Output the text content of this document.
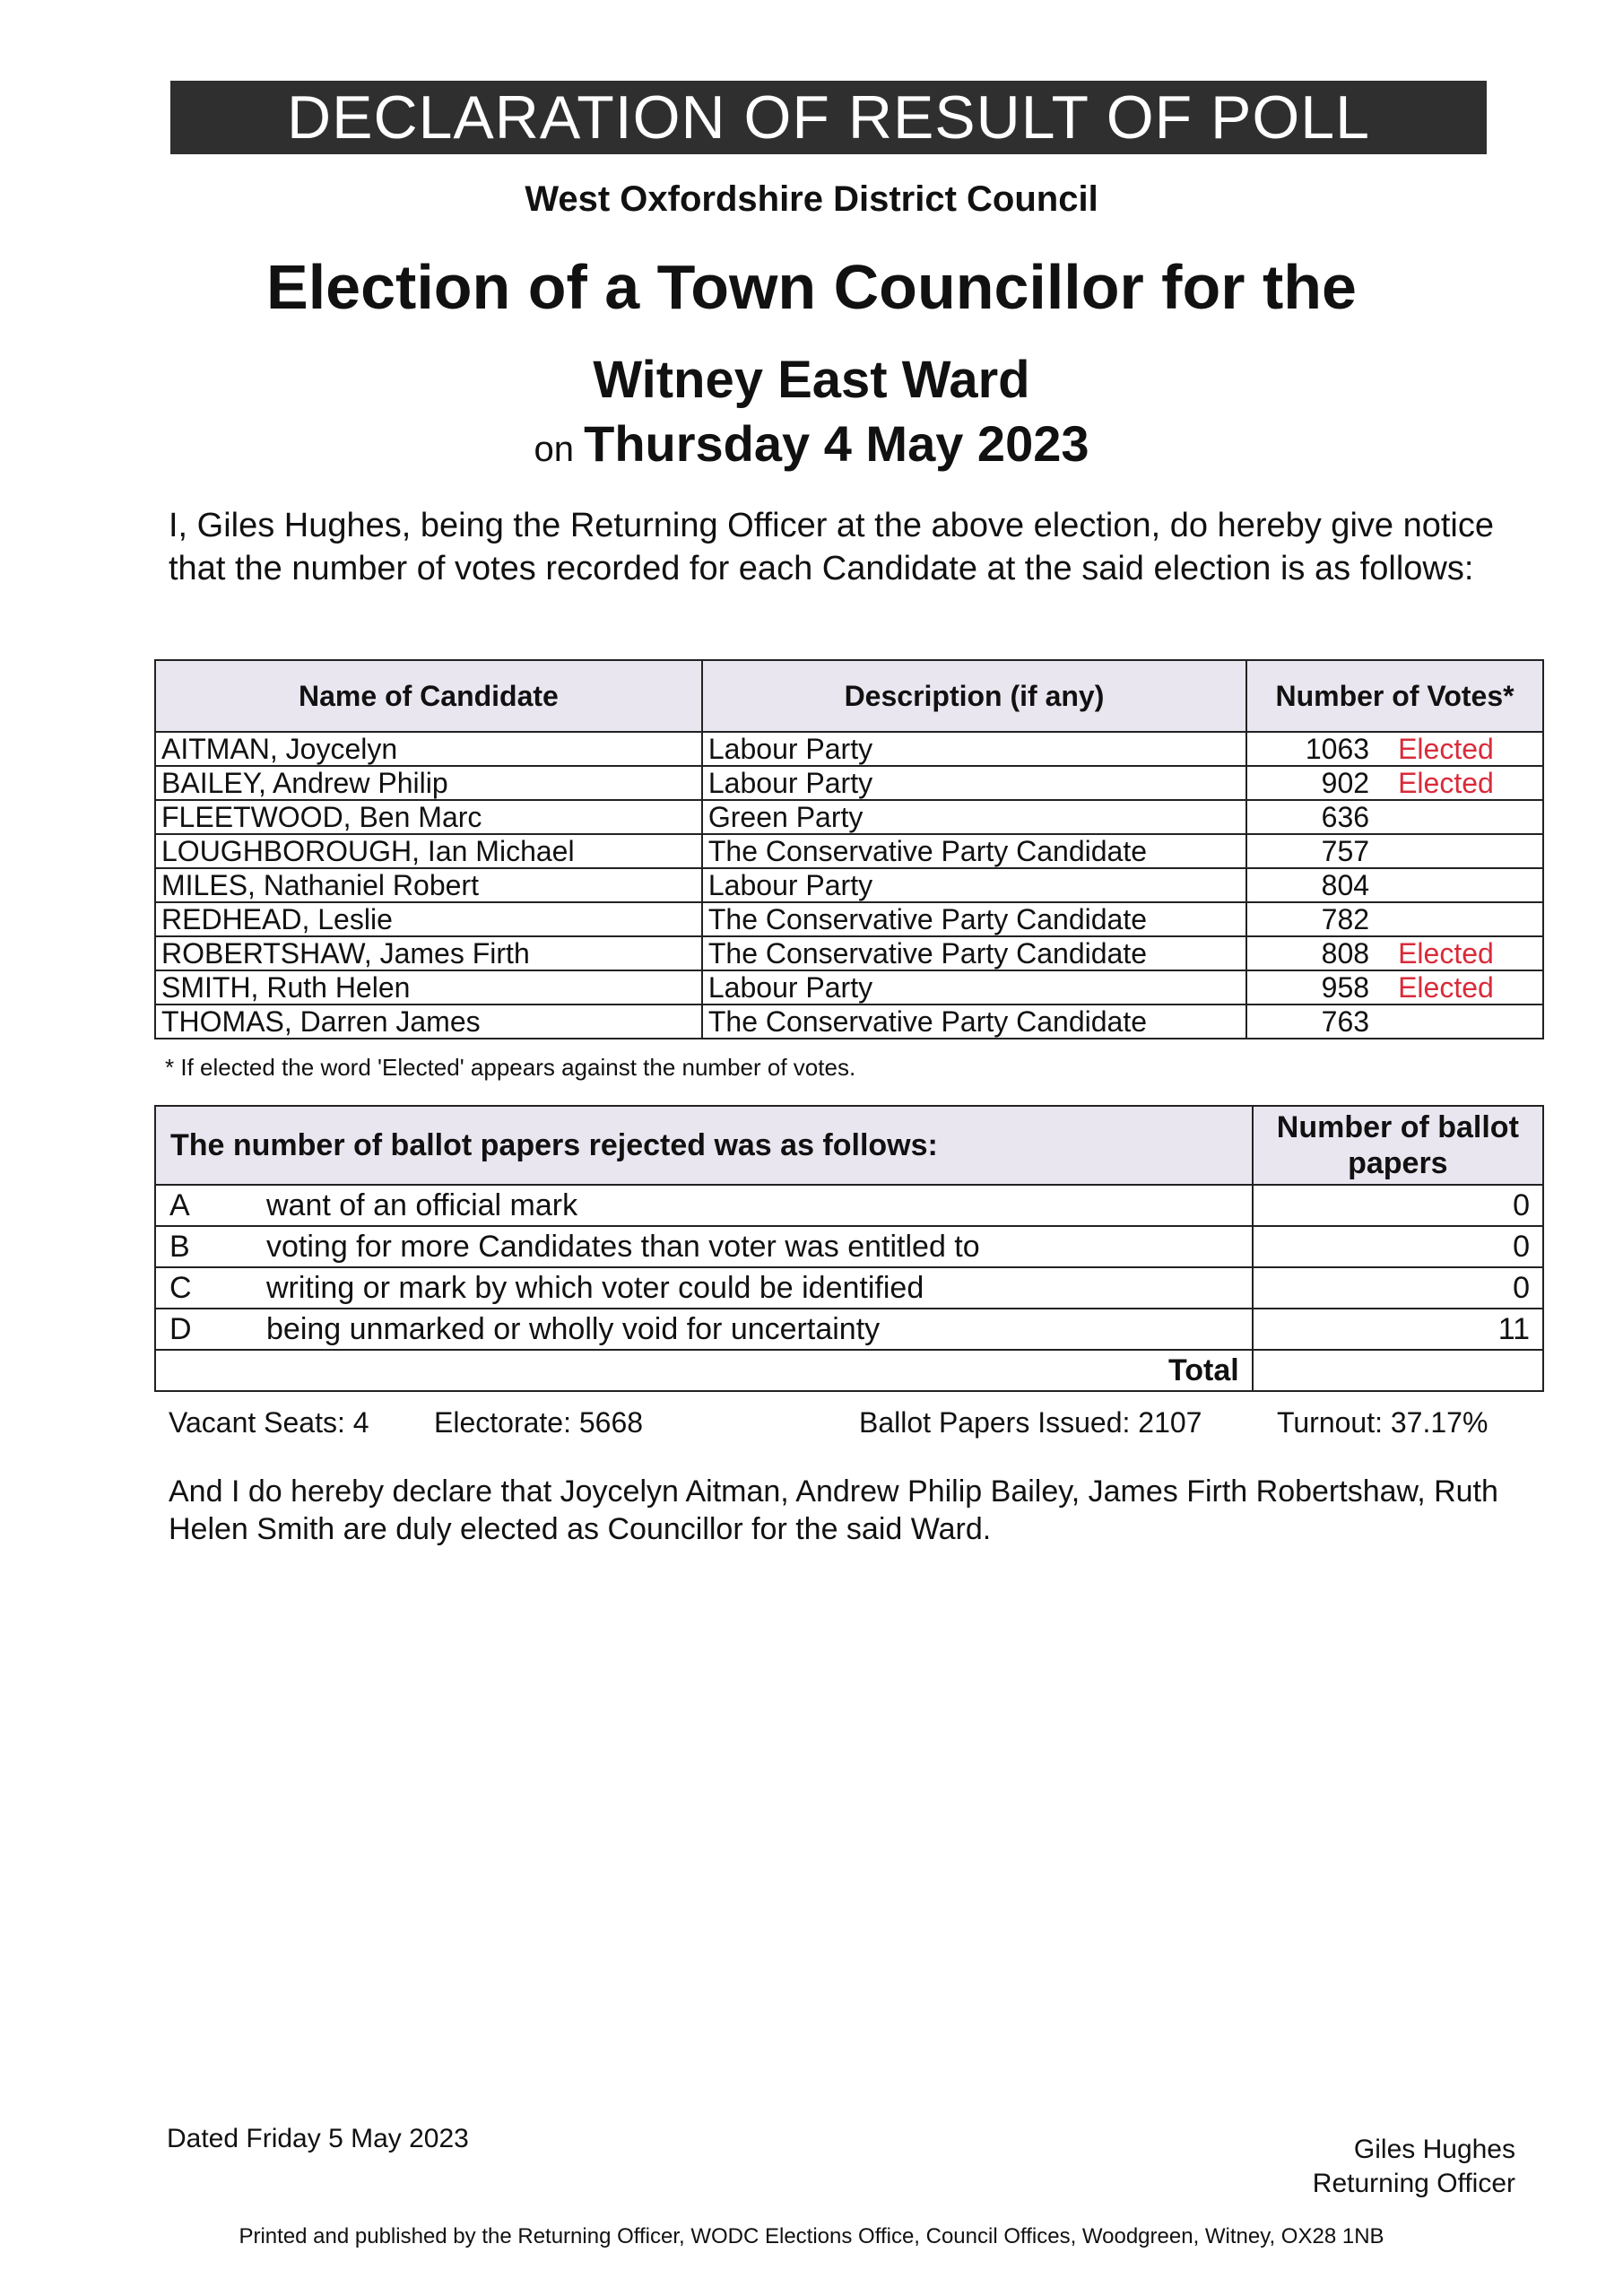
DECLARATION OF RESULT OF POLL
West Oxfordshire District Council
Election of a Town Councillor for the
Witney East Ward
on Thursday 4 May 2023
I, Giles Hughes, being the Returning Officer at the above election, do hereby give notice that the number of votes recorded for each Candidate at the said election is as follows:
Name of Candidate	Description (if any)	Number of Votes*
AITMAN, Joycelyn	Labour Party	1063 Elected
BAILEY, Andrew Philip	Labour Party	902 Elected
FLEETWOOD, Ben Marc	Green Party	636
LOUGHBOROUGH, Ian Michael	The Conservative Party Candidate	757
MILES, Nathaniel Robert	Labour Party	804
REDHEAD, Leslie	The Conservative Party Candidate	782
ROBERTSHAW, James Firth	The Conservative Party Candidate	808 Elected
SMITH, Ruth Helen	Labour Party	958 Elected
THOMAS, Darren James	The Conservative Party Candidate	763
* If elected the word 'Elected' appears against the number of votes.
The number of ballot papers rejected was as follows:	Number of ballot papers
A want of an official mark	0
B voting for more Candidates than voter was entitled to	0
C writing or mark by which voter could be identified	0
D being unmarked or wholly void for uncertainty	11
Total	
Vacant Seats: 4 Electorate: 5668	Ballot Papers Issued: 2107	Turnout: 37.17%
And I do hereby declare that Joycelyn Aitman, Andrew Philip Bailey, James Firth Robertshaw, Ruth Helen Smith are duly elected as Councillor for the said Ward.
Dated Friday 5 May 2023	Giles Hughes
Returning Officer
Printed and published by the Returning Officer, WODC Elections Office, Council Offices, Woodgreen, Witney, OX28 1NB
